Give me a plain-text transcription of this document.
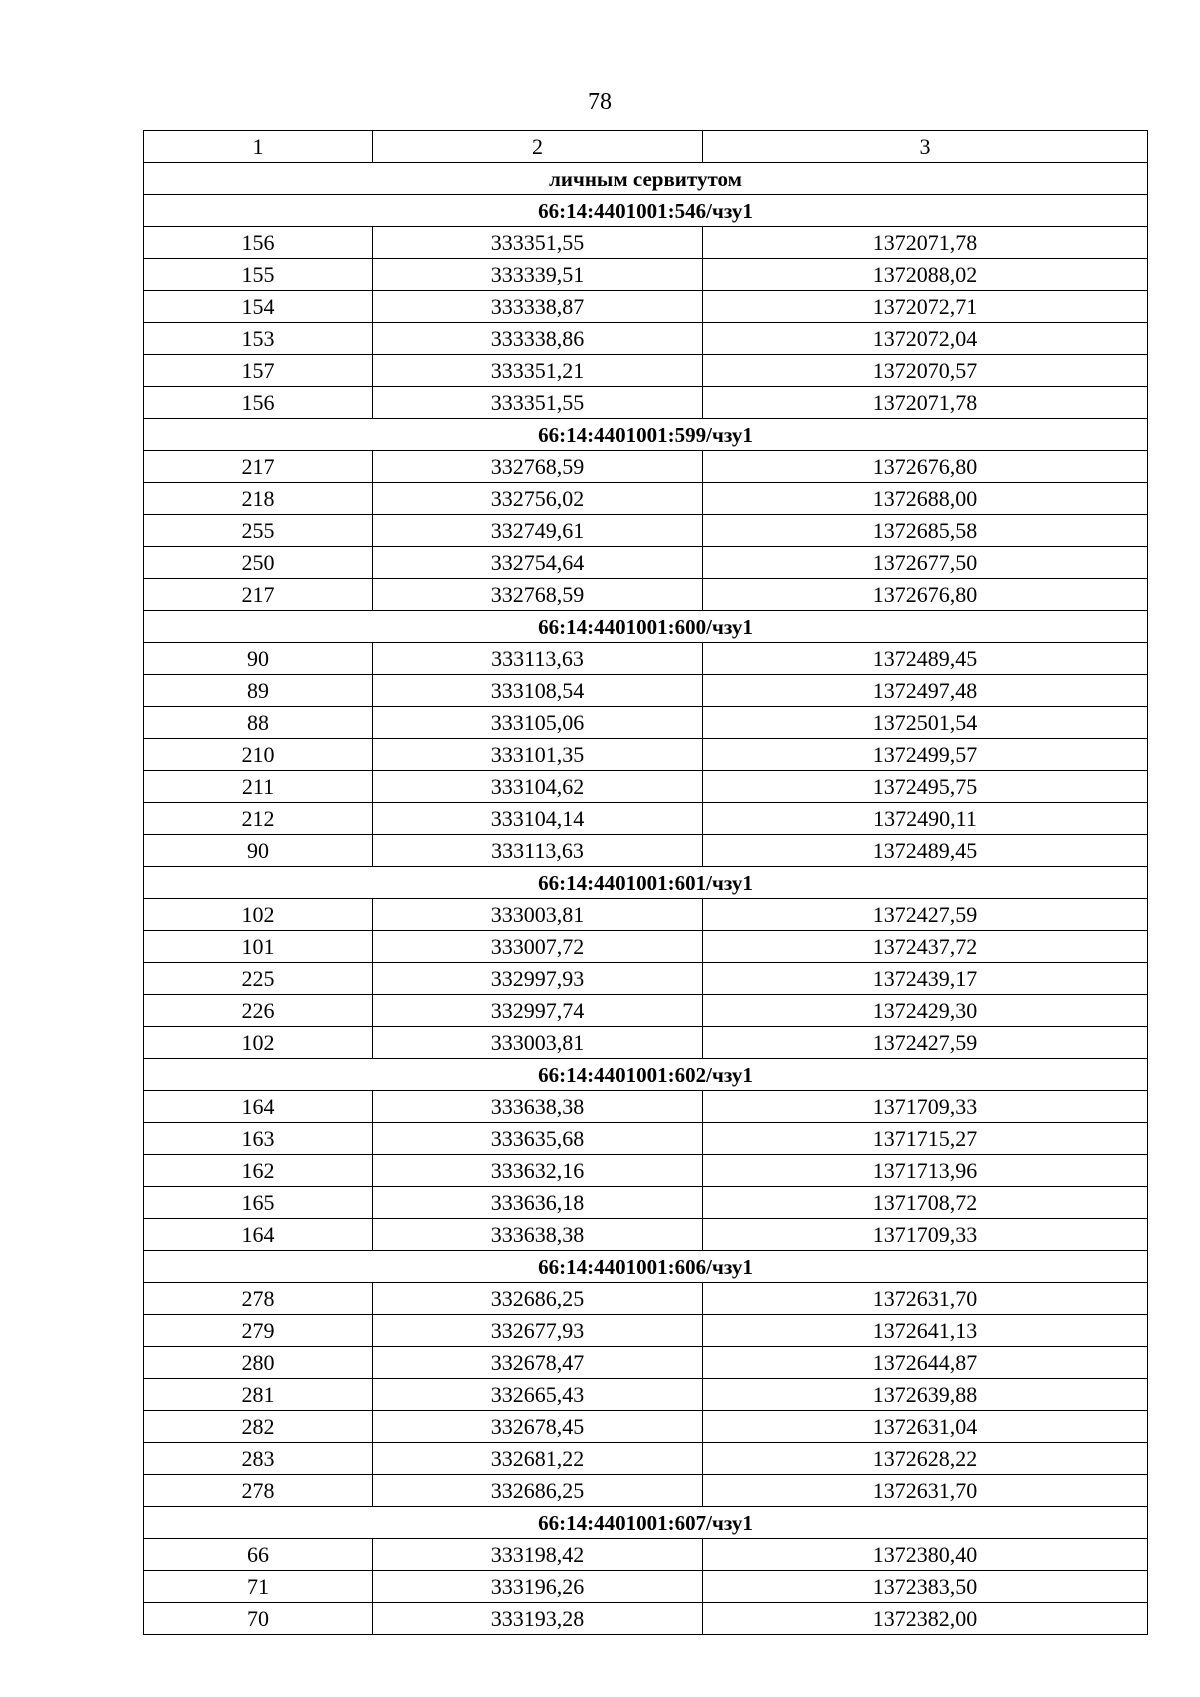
78
1	2	3
личным сервитутом		
66:14:4401001:546/чзу1		
156	333351,55	1372071,78
155	333339,51	1372088,02
154	333338,87	1372072,71
153	333338,86	1372072,04
157	333351,21	1372070,57
156	333351,55	1372071,78
66:14:4401001:599/чзу1		
217	332768,59	1372676,80
218	332756,02	1372688,00
255	332749,61	1372685,58
250	332754,64	1372677,50
217	332768,59	1372676,80
66:14:4401001:600/чзу1		
90	333113,63	1372489,45
89	333108,54	1372497,48
88	333105,06	1372501,54
210	333101,35	1372499,57
211	333104,62	1372495,75
212	333104,14	1372490,11
90	333113,63	1372489,45
66:14:4401001:601/чзу1		
102	333003,81	1372427,59
101	333007,72	1372437,72
225	332997,93	1372439,17
226	332997,74	1372429,30
102	333003,81	1372427,59
66:14:4401001:602/чзу1		
164	333638,38	1371709,33
163	333635,68	1371715,27
162	333632,16	1371713,96
165	333636,18	1371708,72
164	333638,38	1371709,33
66:14:4401001:606/чзу1		
278	332686,25	1372631,70
279	332677,93	1372641,13
280	332678,47	1372644,87
281	332665,43	1372639,88
282	332678,45	1372631,04
283	332681,22	1372628,22
278	332686,25	1372631,70
66:14:4401001:607/чзу1		
66	333198,42	1372380,40
71	333196,26	1372383,50
70	333193,28	1372382,00
